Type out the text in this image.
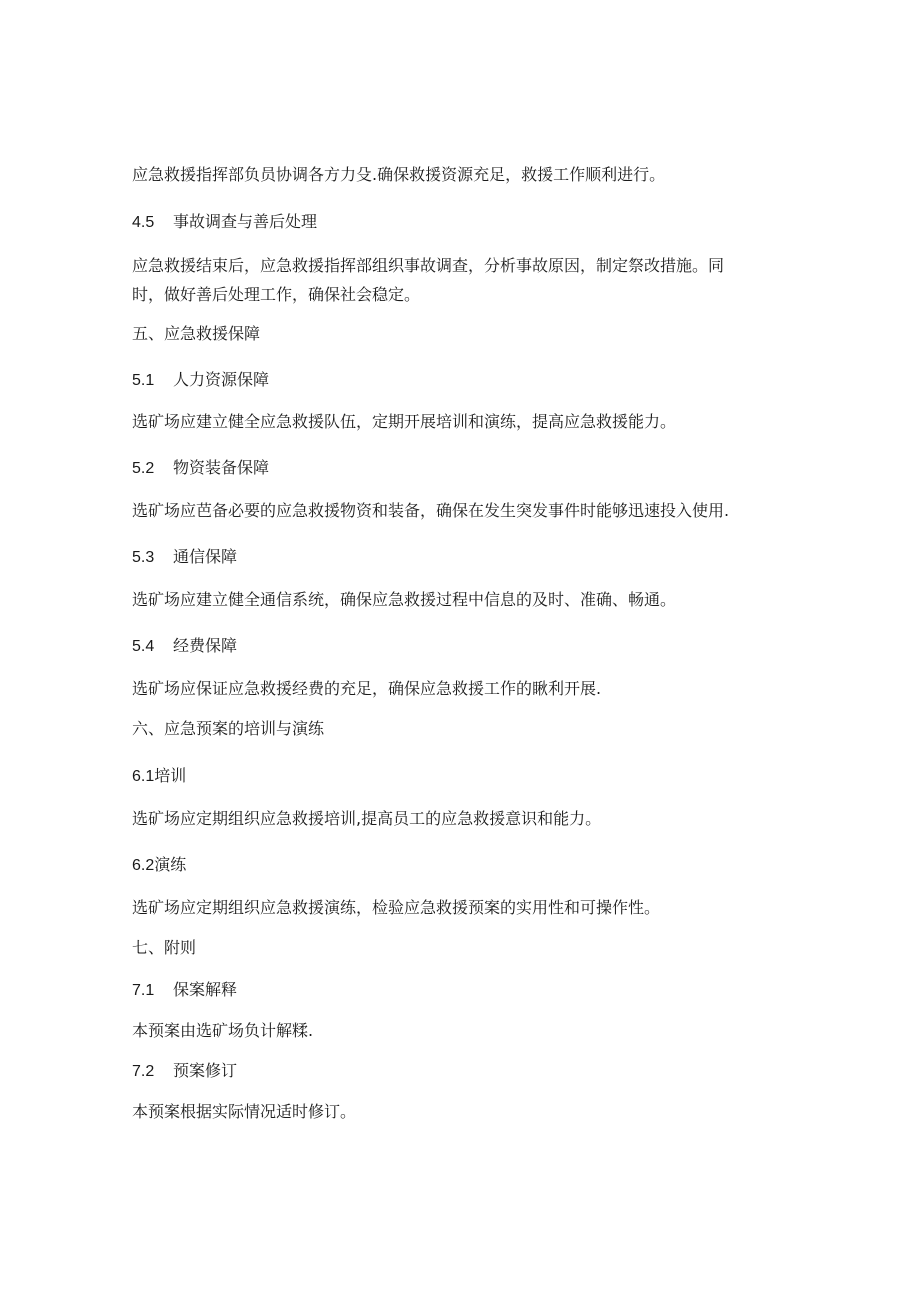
应急救援指挥部负员协调各方力殳.确保救援资源充足，救援工作顺利进行。
4.5 事故调查与善后处理
应急救援结束后，应急救援指挥部组织事故调查，分析事故原因，制定祭改措施。同
时，做好善后处理工作，确保社会稳定。
五、应急救援保障
5.1 人力资源保障
选矿场应建立健全应急救援队伍，定期开展培训和演练，提高应急救援能力。
5.2 物资装备保障
选矿场应芭备必要的应急救援物资和装备，确保在发生突发事件时能够迅速投入使用.
5.3 通信保障
选矿场应建立健全通信系统，确保应急救援过程中信息的及时、准确、畅通。
5.4 经费保障
选矿场应保证应急救援经费的充足，确保应急救援工作的瞅利开展.
六、应急预案的培训与演练
6.1培训
选矿场应定期组织应急救援培训,提高员工的应急救援意识和能力。
6.2演练
选矿场应定期组织应急救援演练，检验应急救援预案的实用性和可操作性。
七、附则
7.1 保案解释
本预案由选矿场负计解糅.
7.2 预案修订
本预案根据实际情况适时修订。
